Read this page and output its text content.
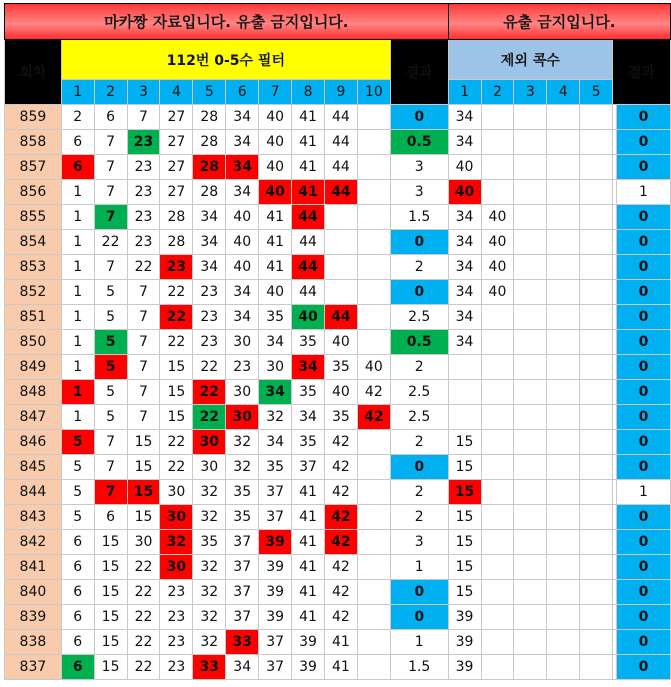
마카짱 자료입니다. 유출 금지입니다.												유출 금지입니다.						
회차	112번 0-5수 필터										결과	제외 콕수					결과	
	1	2	3	4	5	6	7	8	9	10		1	2	3	4	5		
859	2	6	7	27	28	34	40	41	44		0	34						0
858	6	7	23	27	28	34	40	41	44		0.5	34						0
857	6	7	23	27	28	34	40	41	44		3	40						0
856	1	7	23	27	28	34	40	41	44		3	40						1
855	1	7	23	28	34	40	41	44			1.5	34	40					0
854	1	22	23	28	34	40	41	44			0	34	40					0
853	1	7	22	23	34	40	41	44			2	34	40					0
852	1	5	7	22	23	34	40	44			0	34	40					0
851	1	5	7	22	23	34	35	40	44		2.5	34						0
850	1	5	7	22	23	30	34	35	40		0.5	34						0
849	1	5	7	15	22	23	30	34	35	40	2							0
848	1	5	7	15	22	30	34	35	40	42	2.5							0
847	1	5	7	15	22	30	32	34	35	42	2.5							0
846	5	7	15	22	30	32	34	35	42		2	15						0
845	5	7	15	22	30	32	35	37	42		0	15						0
844	5	7	15	30	32	35	37	41	42		2	15						1
843	5	6	15	30	32	35	37	41	42		2	15						0
842	6	15	30	32	35	37	39	41	42		3	15						0
841	6	15	22	30	32	37	39	41	42		1	15						0
840	6	15	22	23	32	37	39	41	42		0	15						0
839	6	15	22	23	32	37	39	41	42		0	39						0
838	6	15	22	23	32	33	37	39	41		1	39						0
837	6	15	22	23	33	34	37	39	41		1.5	39						0
